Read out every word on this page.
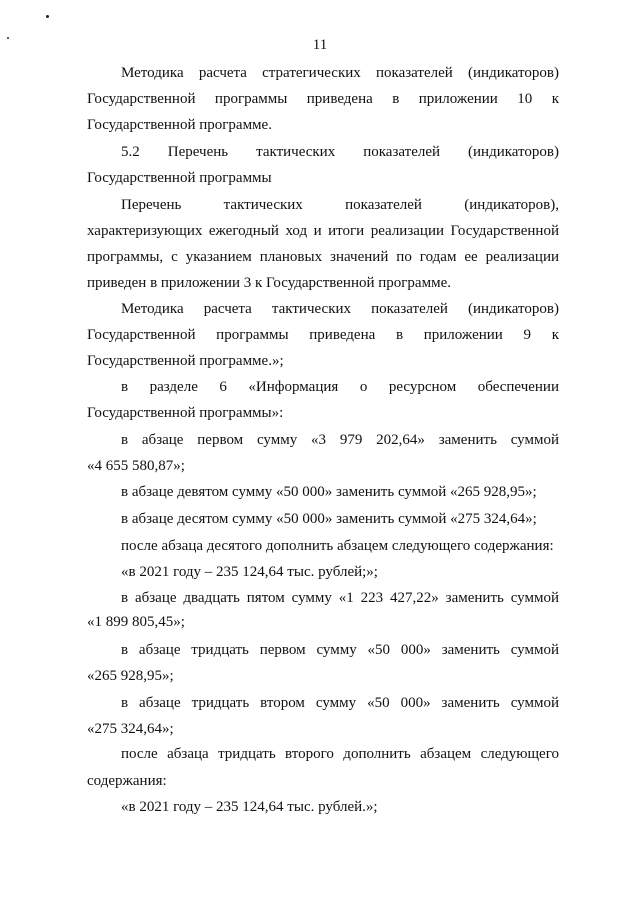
11
Методика расчета стратегических показателей (индикаторов)
Государственной программы приведена в приложении 10 к
Государственной программе.
5.2 Перечень тактических показателей (индикаторов)
Государственной программы
Перечень тактических показателей (индикаторов),
характеризующих ежегодный ход и итоги реализации Государственной
программы, с указанием плановых значений по годам ее реализации
приведен в приложении 3 к Государственной программе.
Методика расчета тактических показателей (индикаторов)
Государственной программы приведена в приложении 9 к
Государственной программе.»;
в разделе 6 «Информация о ресурсном обеспечении
Государственной программы»:
в абзаце первом сумму «3 979 202,64» заменить суммой
«4 655 580,87»;
в абзаце девятом сумму «50 000» заменить суммой «265 928,95»;
в абзаце десятом сумму «50 000» заменить суммой «275 324,64»;
после абзаца десятого дополнить абзацем следующего содержания:
«в 2021 году – 235 124,64 тыс. рублей;»;
в абзаце двадцать пятом сумму «1 223 427,22» заменить суммой
«1 899 805,45»;
в абзаце тридцать первом сумму «50 000» заменить суммой
«265 928,95»;
в абзаце тридцать втором сумму «50 000» заменить суммой
«275 324,64»;
после абзаца тридцать второго дополнить абзацем следующего
содержания:
«в 2021 году – 235 124,64 тыс. рублей.»;
